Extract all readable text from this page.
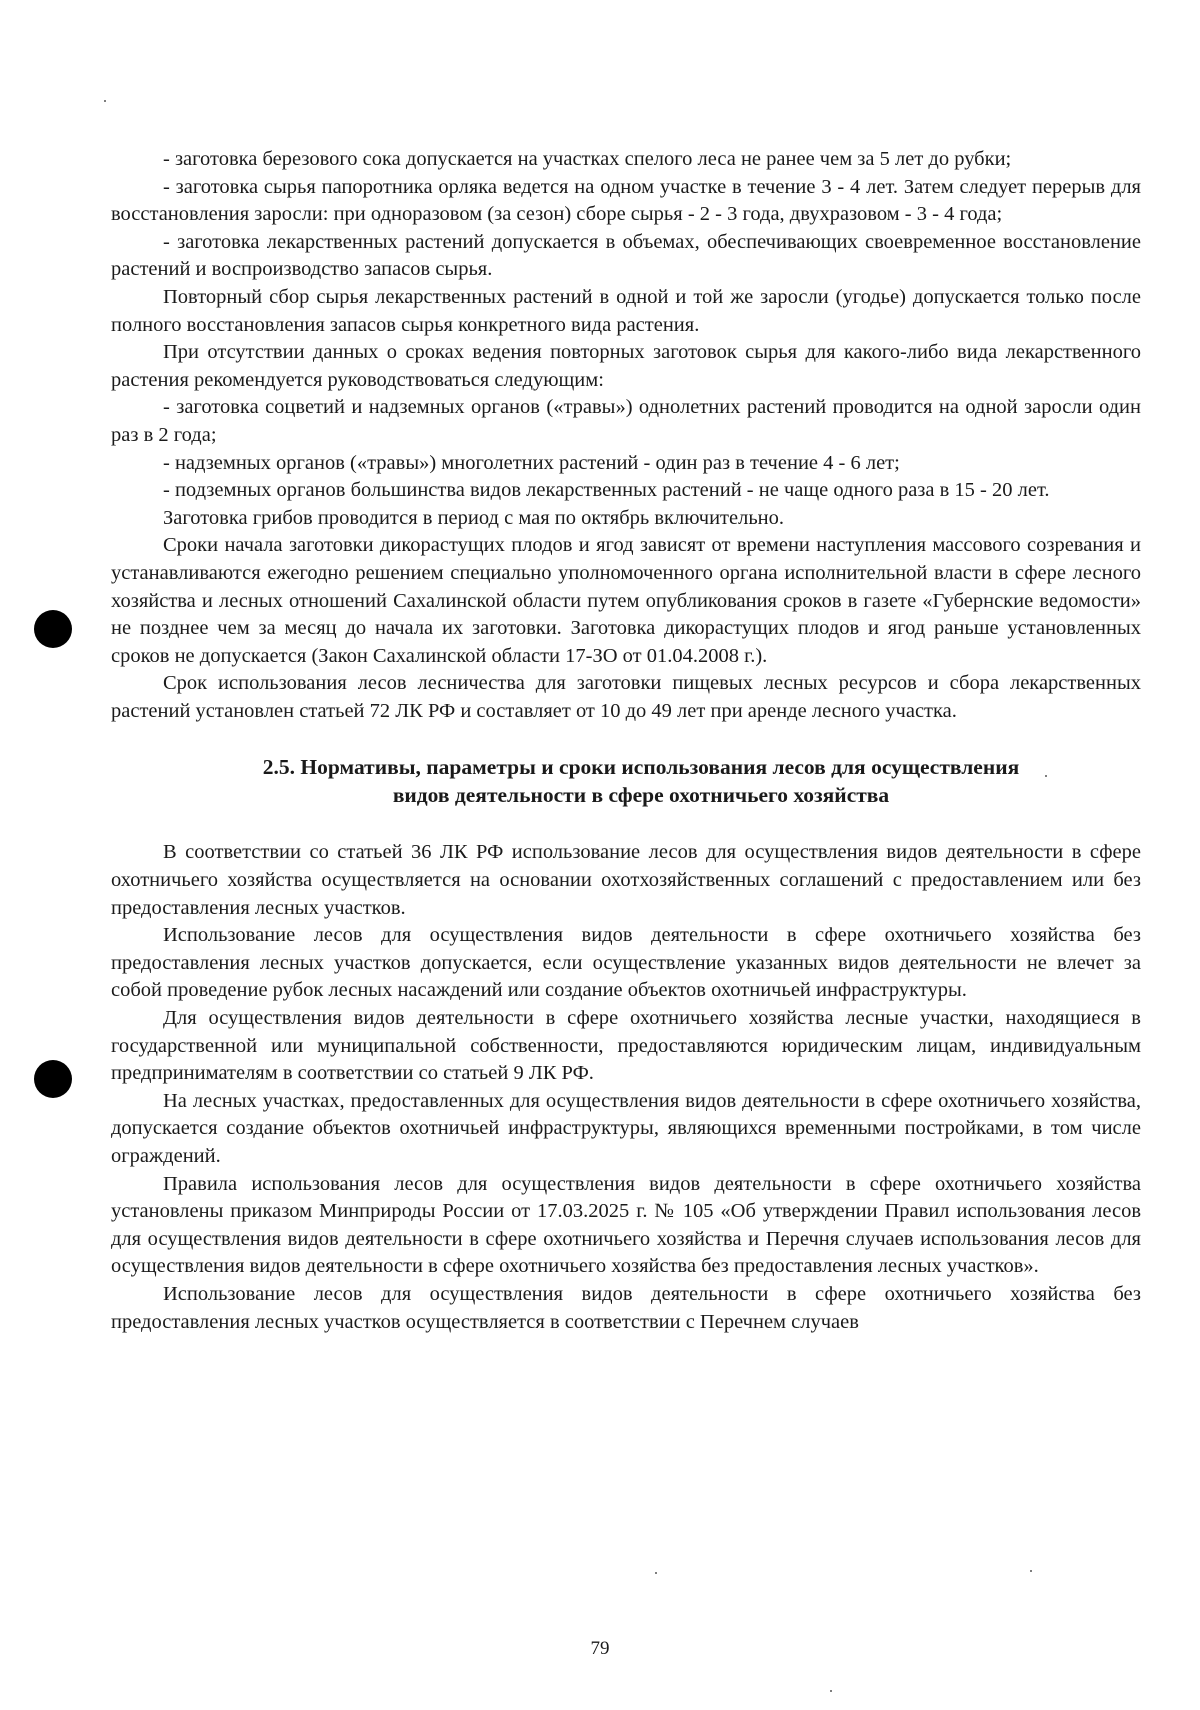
- заготовка березового сока допускается на участках спелого леса не ранее чем за 5 лет до рубки;

- заготовка сырья папоротника орляка ведется на одном участке в течение 3 - 4 лет. Затем следует перерыв для восстановления заросли: при одноразовом (за сезон) сборе сырья - 2 - 3 года, двухразовом - 3 - 4 года;

- заготовка лекарственных растений допускается в объемах, обеспечивающих своевременное восстановление растений и воспроизводство запасов сырья.

Повторный сбор сырья лекарственных растений в одной и той же заросли (угодье) допускается только после полного восстановления запасов сырья конкретного вида растения.

При отсутствии данных о сроках ведения повторных заготовок сырья для какого-либо вида лекарственного растения рекомендуется руководствоваться следующим:

- заготовка соцветий и надземных органов («травы») однолетних растений проводится на одной заросли один раз в 2 года;

- надземных органов («травы») многолетних растений - один раз в течение 4 - 6 лет;

- подземных органов большинства видов лекарственных растений - не чаще одного раза в 15 - 20 лет.

Заготовка грибов проводится в период с мая по октябрь включительно.

Сроки начала заготовки дикорастущих плодов и ягод зависят от времени наступления массового созревания и устанавливаются ежегодно решением специально уполномоченного органа исполнительной власти в сфере лесного хозяйства и лесных отношений Сахалинской области путем опубликования сроков в газете «Губернские ведомости» не позднее чем за месяц до начала их заготовки. Заготовка дикорастущих плодов и ягод раньше установленных сроков не допускается (Закон Сахалинской области 17-ЗО от 01.04.2008 г.).

Срок использования лесов лесничества для заготовки пищевых лесных ресурсов и сбора лекарственных растений установлен статьей 72 ЛК РФ и составляет от 10 до 49 лет при аренде лесного участка.

2.5. Нормативы, параметры и сроки использования лесов для осуществления
видов деятельности в сфере охотничьего хозяйства

В соответствии со статьей 36 ЛК РФ использование лесов для осуществления видов деятельности в сфере охотничьего хозяйства осуществляется на основании охотхозяйственных соглашений с предоставлением или без предоставления лесных участков.

Использование лесов для осуществления видов деятельности в сфере охотничьего хозяйства без предоставления лесных участков допускается, если осуществление указанных видов деятельности не влечет за собой проведение рубок лесных насаждений или создание объектов охотничьей инфраструктуры.

Для осуществления видов деятельности в сфере охотничьего хозяйства лесные участки, находящиеся в государственной или муниципальной собственности, предоставляются юридическим лицам, индивидуальным предпринимателям в соответствии со статьей 9 ЛК РФ.

На лесных участках, предоставленных для осуществления видов деятельности в сфере охотничьего хозяйства, допускается создание объектов охотничьей инфраструктуры, являющихся временными постройками, в том числе ограждений.

Правила использования лесов для осуществления видов деятельности в сфере охотничьего хозяйства установлены приказом Минприроды России от 17.03.2025 г. № 105 «Об утверждении Правил использования лесов для осуществления видов деятельности в сфере охотничьего хозяйства и Перечня случаев использования лесов для осуществления видов деятельности в сфере охотничьего хозяйства без предоставления лесных участков».

Использование лесов для осуществления видов деятельности в сфере охотничьего хозяйства без предоставления лесных участков осуществляется в соответствии с Перечнем случаев

79
